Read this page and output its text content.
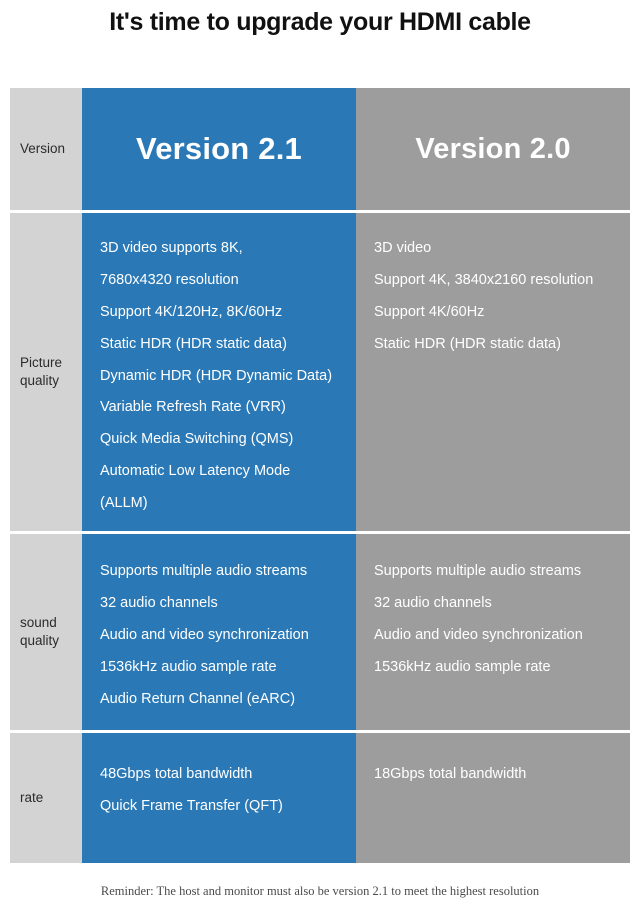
It's time to upgrade your HDMI cable
Version	Version 2.1	Version 2.0
Picture quality
3D video supports 8K,
7680x4320 resolution
Support 4K/120Hz, 8K/60Hz
Static HDR (HDR static data)
Dynamic HDR (HDR Dynamic Data)
Variable Refresh Rate (VRR)
Quick Media Switching (QMS)
Automatic Low Latency Mode
(ALLM)
3D video
Support 4K, 3840x2160 resolution
Support 4K/60Hz
Static HDR (HDR static data)
sound quality
Supports multiple audio streams
32 audio channels
Audio and video synchronization
1536kHz audio sample rate
Audio Return Channel (eARC)
Supports multiple audio streams
32 audio channels
Audio and video synchronization
1536kHz audio sample rate
rate
48Gbps total bandwidth
Quick Frame Transfer (QFT)
18Gbps total bandwidth
Reminder: The host and monitor must also be version 2.1 to meet the highest resolution
